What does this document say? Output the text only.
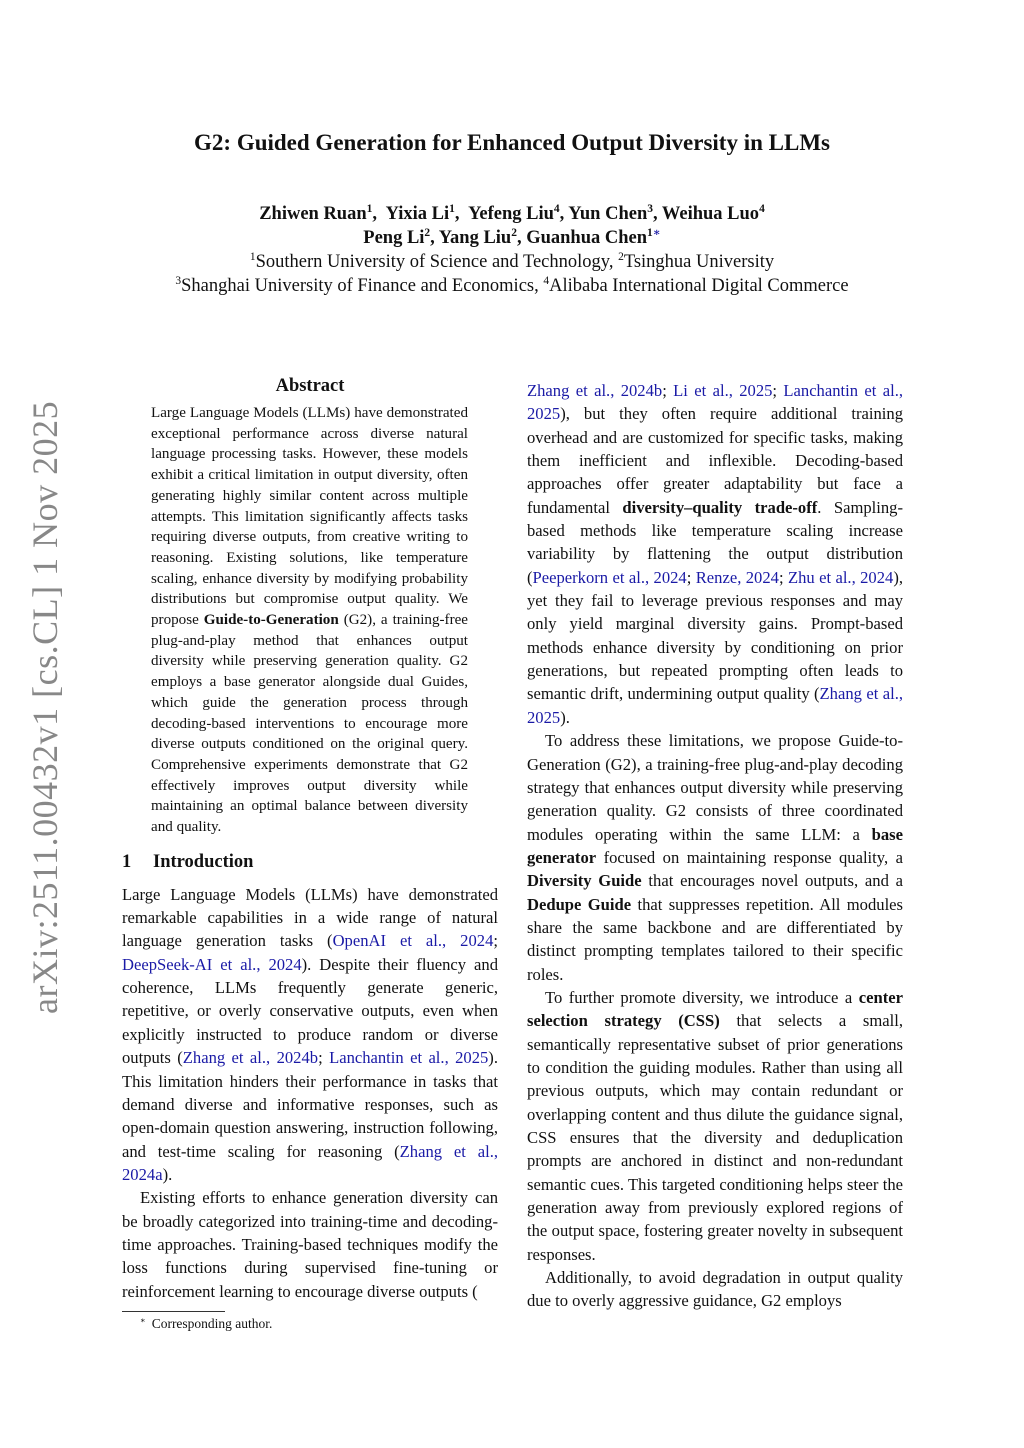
arXiv:2511.00432v1 [cs.CL] 1 Nov 2025
G2: Guided Generation for Enhanced Output Diversity in LLMs
Zhiwen Ruan$^1$,  Yixia Li$^1$,  Yefeng Liu$^4$, Yun Chen$^3$, Weihua Luo$^4$
Peng Li$^2$, Yang Liu$^2$, Guanhua Chen$^{1∗}$
$^1$Southern University of Science and Technology, $^2$Tsinghua University
$^3$Shanghai University of Finance and Economics, $^4$Alibaba International Digital Commerce
Abstract

Large Language Models (LLMs) have demonstrated exceptional performance across diverse natural language processing tasks. However, these models exhibit a critical limitation in output diversity, often generating highly similar content across multiple attempts. This limitation significantly affects tasks requiring diverse outputs, from creative writing to reasoning. Existing solutions, like temperature scaling, enhance diversity by modifying probability distributions but compromise output quality. We propose Guide-to-Generation (G2), a training-free plug-and-play method that enhances output diversity while preserving generation quality. G2 employs a base generator alongside dual Guides, which guide the generation process through decoding-based interventions to encourage more diverse outputs conditioned on the original query. Comprehensive experiments demonstrate that G2 effectively improves output diversity while maintaining an optimal balance between diversity and quality.

1 Introduction

Large Language Models (LLMs) have demonstrated remarkable capabilities in a wide range of natural language generation tasks (OpenAI et al., 2024; DeepSeek-AI et al., 2024). Despite their fluency and coherence, LLMs frequently generate generic, repetitive, or overly conservative outputs, even when explicitly instructed to produce random or diverse outputs (Zhang et al., 2024b; Lanchantin et al., 2025). This limitation hinders their performance in tasks that demand diverse and informative responses, such as open-domain question answering, instruction following, and test-time scaling for reasoning (Zhang et al., 2024a).

Existing efforts to enhance generation diversity can be broadly categorized into training-time and decoding-time approaches. Training-based techniques modify the loss functions during supervised fine-tuning or reinforcement learning to encourage diverse outputs (

Zhang et al., 2024b; Li et al., 2025; Lanchantin et al., 2025), but they often require additional training overhead and are customized for specific tasks, making them inefficient and inflexible. Decoding-based approaches offer greater adaptability but face a fundamental diversity–quality trade-off. Sampling-based methods like temperature scaling increase variability by flattening the output distribution (Peeperkorn et al., 2024; Renze, 2024; Zhu et al., 2024), yet they fail to leverage previous responses and may only yield marginal diversity gains. Prompt-based methods enhance diversity by conditioning on prior generations, but repeated prompting often leads to semantic drift, undermining output quality (Zhang et al., 2025).

To address these limitations, we propose Guide-to-Generation (G2), a training-free plug-and-play decoding strategy that enhances output diversity while preserving generation quality. G2 consists of three coordinated modules operating within the same LLM: a base generator focused on maintaining response quality, a Diversity Guide that encourages novel outputs, and a Dedupe Guide that suppresses repetition. All modules share the same backbone and are differentiated by distinct prompting templates tailored to their specific roles.

To further promote diversity, we introduce a center selection strategy (CSS) that selects a small, semantically representative subset of prior generations to condition the guiding modules. Rather than using all previous outputs, which may contain redundant or overlapping content and thus dilute the guidance signal, CSS ensures that the diversity and deduplication prompts are anchored in distinct and non-redundant semantic cues. This targeted conditioning helps steer the generation away from previously explored regions of the output space, fostering greater novelty in subsequent responses.

Additionally, to avoid degradation in output quality due to overly aggressive guidance, G2 employs

∗ Corresponding author.
